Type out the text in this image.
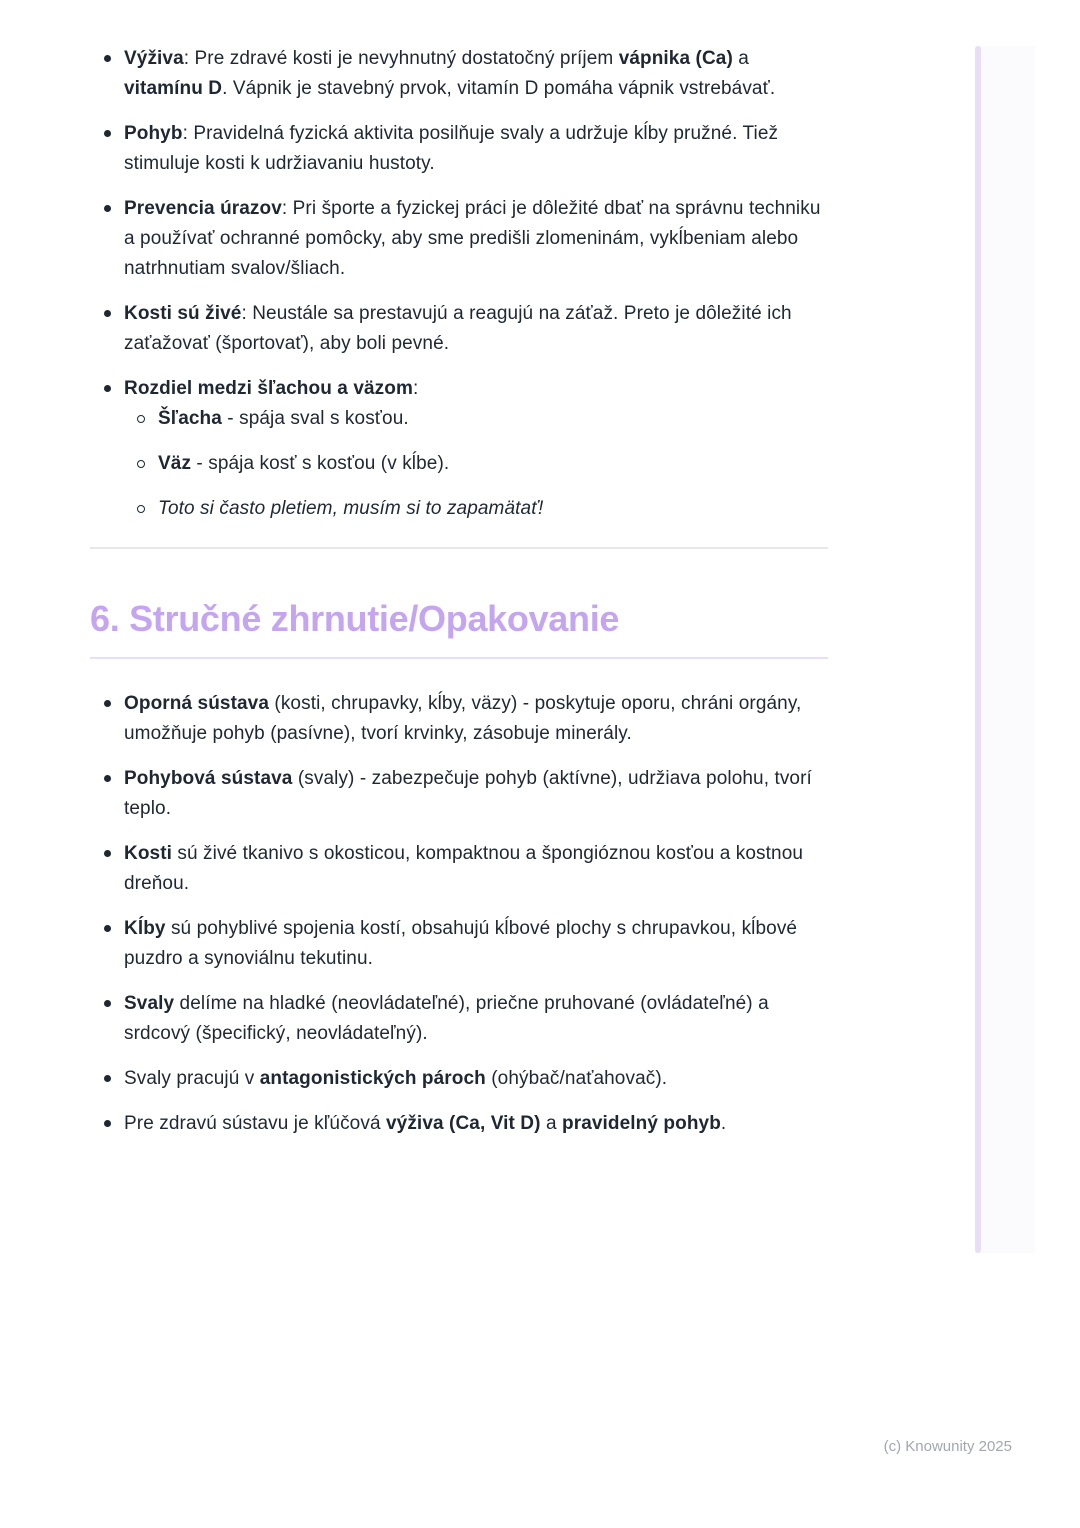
Výživa: Pre zdravé kosti je nevyhnutný dostatočný príjem vápnika (Ca) a vitamínu D. Vápnik je stavebný prvok, vitamín D pomáha vápnik vstrebávať.
Pohyb: Pravidelná fyzická aktivita posilňuje svaly a udržuje kĺby pružné. Tiež stimuluje kosti k udržiavaniu hustoty.
Prevencia úrazov: Pri športe a fyzickej práci je dôležité dbať na správnu techniku a používať ochranné pomôcky, aby sme predišli zlomeninám, vykĺbeniam alebo natrhnutiam svalov/šliach.
Kosti sú živé: Neustále sa prestavujú a reagujú na záťaž. Preto je dôležité ich zaťažovať (športovať), aby boli pevné.
Rozdiel medzi šľachou a väzom:
Šľacha - spája sval s kosťou.
Väz - spája kosť s kosťou (v kĺbe).
Toto si často pletiem, musím si to zapamätať!
6. Stručné zhrnutie/Opakovanie
Oporná sústava (kosti, chrupavky, kĺby, väzy) - poskytuje oporu, chráni orgány, umožňuje pohyb (pasívne), tvorí krvinky, zásobuje minerály.
Pohybová sústava (svaly) - zabezpečuje pohyb (aktívne), udržiava polohu, tvorí teplo.
Kosti sú živé tkanivo s okosticou, kompaktnou a špongióznou kosťou a kostnou dreňou.
Kĺby sú pohyblivé spojenia kostí, obsahujú kĺbové plochy s chrupavkou, kĺbové puzdro a synoviálnu tekutinu.
Svaly delíme na hladké (neovládateľné), priečne pruhované (ovládateľné) a srdcový (špecifický, neovládateľný).
Svaly pracujú v antagonistických pároch (ohýbač/naťahovač).
Pre zdravú sústavu je kľúčová výživa (Ca, Vit D) a pravidelný pohyb.
(c) Knowunity 2025
